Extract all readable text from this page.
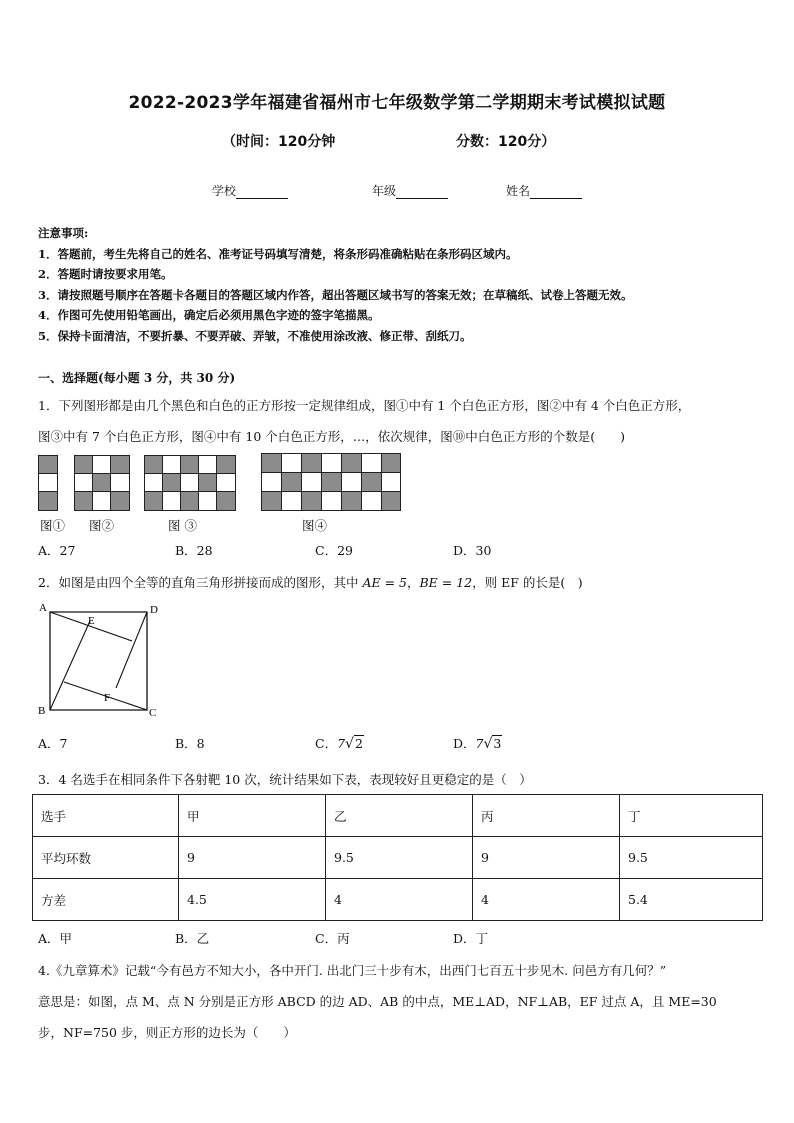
2022-2023学年福建省福州市七年级数学第二学期期末考试模拟试题
（时间：120分钟	分数：120分）
学校	年级	姓名
注意事项:
1．答题前，考生先将自己的姓名、准考证号码填写清楚，将条形码准确粘贴在条形码区域内。
2．答题时请按要求用笔。
3．请按照题号顺序在答题卡各题目的答题区域内作答，超出答题区域书写的答案无效；在草稿纸、试卷上答题无效。
4．作图可先使用铅笔画出，确定后必须用黑色字迹的签字笔描黑。
5．保持卡面清洁，不要折暴、不要弄破、弄皱，不准使用涂改液、修正带、刮纸刀。
一、选择题(每小题 3 分，共 30 分)
1．下列图形都是由几个黑色和白色的正方形按一定规律组成，图①中有 1 个白色正方形，图②中有 4 个白色正方形，
图③中有 7 个白色正方形，图④中有 10 个白色正方形，…，依次规律，图⑩中白色正方形的个数是(　　)
图① 图②	图 ③	图④
A．27	B．28	C．29	D．30
2．如图是由四个全等的直角三角形拼接而成的图形，其中 AE = 5，BE = 12，则 EF 的长是(　)
A	D
E
F
B	C
A．7	B．8	C．7√2	D．7√3
3．4 名选手在相同条件下各射靶 10 次，统计结果如下表，表现较好且更稳定的是（　）
选手	甲	乙	丙	丁
平均环数	9	9.5	9	9.5
方差	4.5	4	4	5.4
A．甲	B．乙	C．丙	D．丁
4.《九章算术》记载“今有邑方不知大小，各中开门. 出北门三十步有木，出西门七百五十步见木. 问邑方有几何？”
意思是：如图，点 M、点 N 分别是正方形 ABCD 的边 AD、AB 的中点，ME⊥AD，NF⊥AB，EF 过点 A，且 ME=30
步，NF=750 步，则正方形的边长为（　　）
